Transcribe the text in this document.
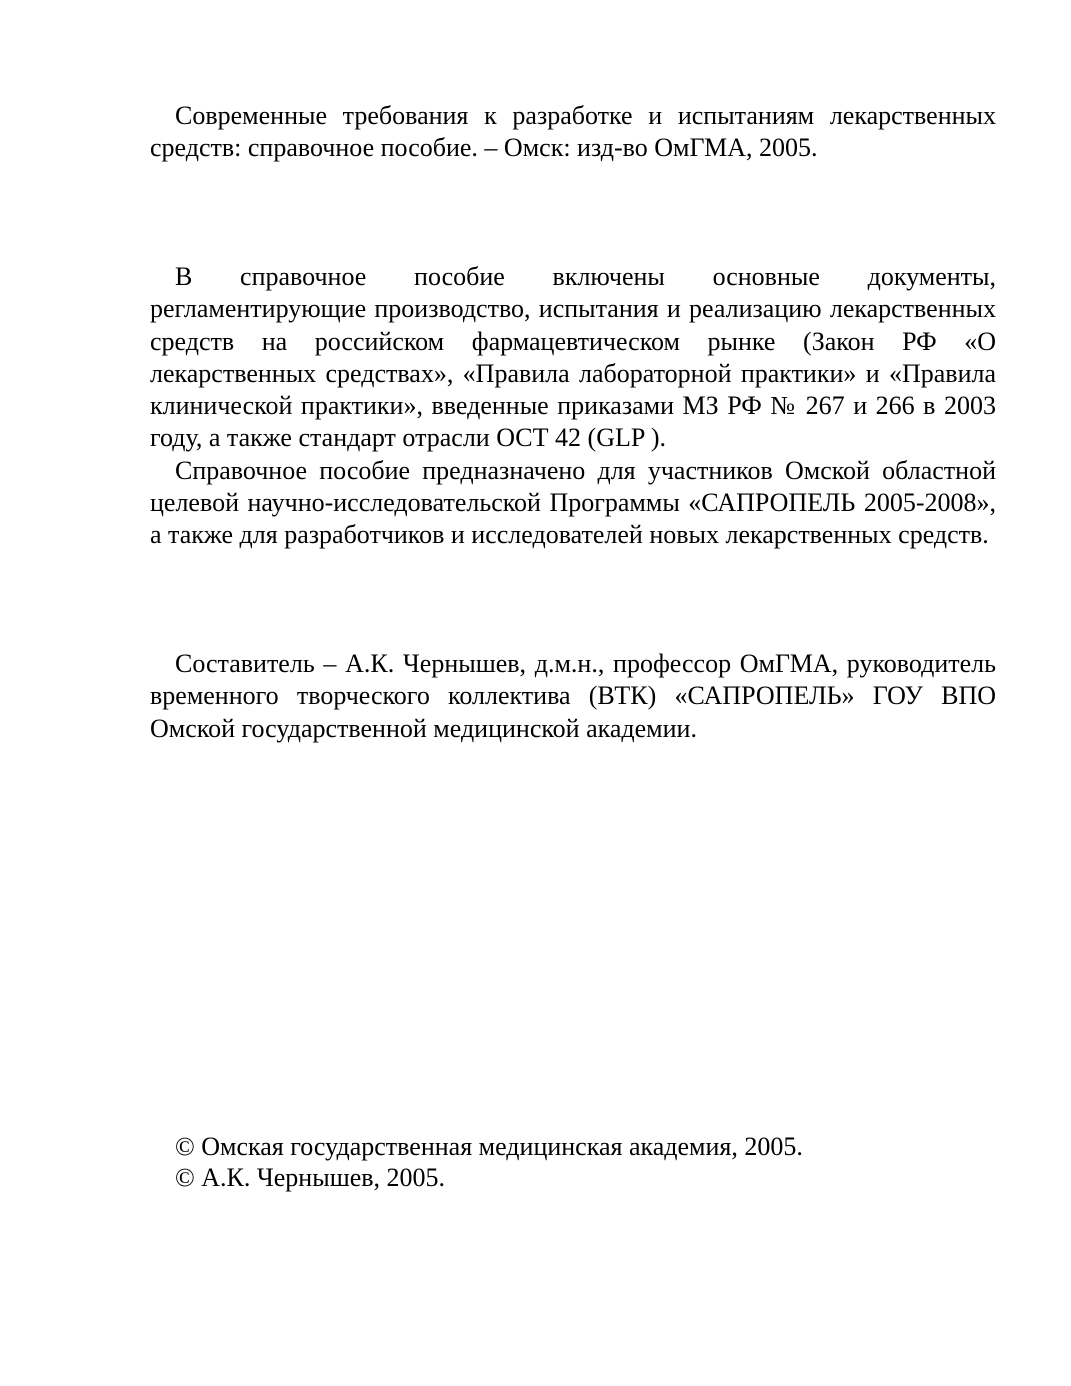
Современные требования к разработке и испытаниям лекарственных средств: справочное пособие. – Омск: изд-во ОмГМА, 2005.

В справочное пособие включены основные документы, регламентирующие производство, испытания и реализацию лекарственных средств на российском фармацевтическом рынке (Закон РФ «О лекарственных средствах», «Правила лабораторной практики» и «Правила клинической практики», введенные приказами МЗ РФ № 267 и 266 в 2003 году, а также стандарт отрасли ОСТ 42 (GLP ).

Справочное пособие предназначено для участников Омской областной целевой научно-исследовательской Программы «САПРОПЕЛЬ 2005-2008», а также для разработчиков и исследователей новых лекарственных средств.

Составитель – А.К. Чернышев, д.м.н., профессор ОмГМА, руководитель временного творческого коллектива (ВТК) «САПРОПЕЛЬ» ГОУ ВПО Омской государственной медицинской академии.

© Омская государственная медицинская академия, 2005.
© А.К. Чернышев, 2005.
